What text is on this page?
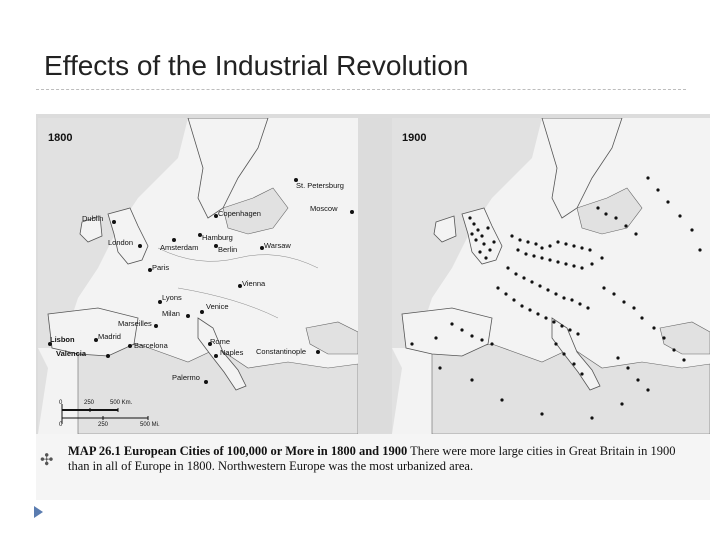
Effects of the Industrial Revolution
1800
St. Petersburg
Dublin
Copenhagen
Moscow
Hamburg
London
Amsterdam	Berlin	Warsaw
Paris
Vienna
Lyons
Venice
Milan
Marseilles
Madrid
Lisbon
Barcelona	Rome
Valencia	Naples Constantinople
Palermo
0	250	500 Km.
0	250	500 Mi.
1900
✣
MAP 26.1 European Cities of 100,000 or More in 1800 and 1900 There were more large cities in Great Britain in 1900 than in all of Europe in 1800. Northwestern Europe was the most urbanized area.
